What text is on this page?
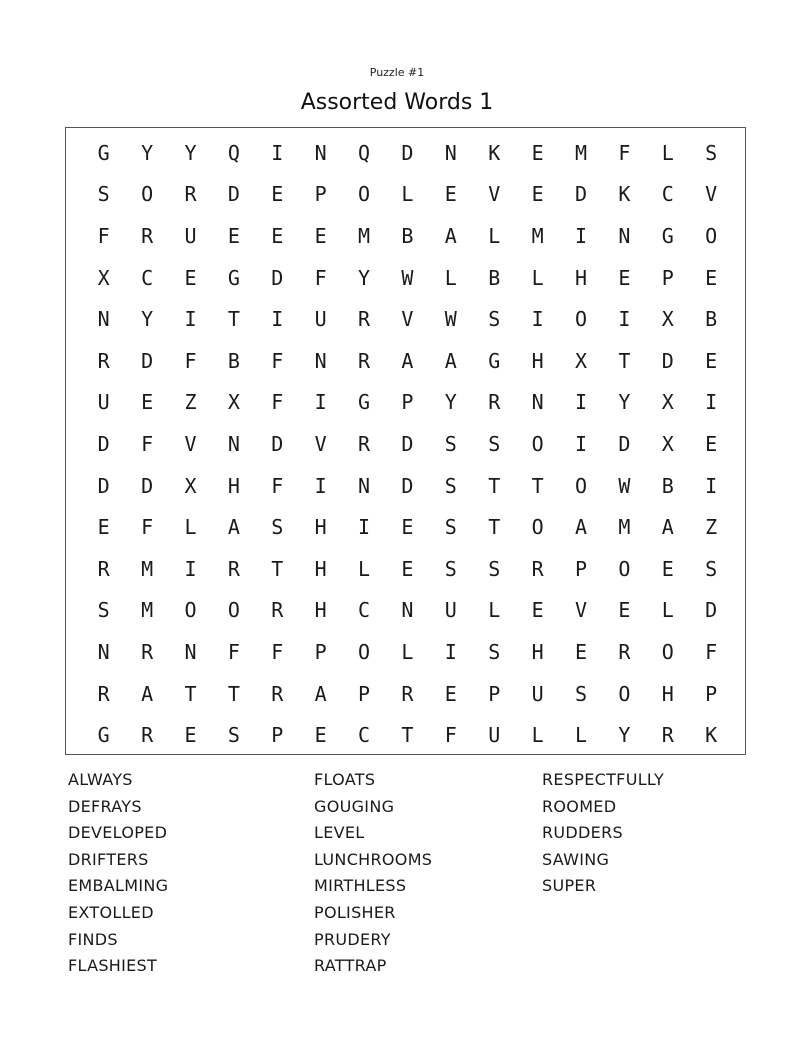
Puzzle #1
Assorted Words 1
G	Y	Y	Q	I	N	Q	D	N	K	E	M	F	L	S
S	O	R	D	E	P	O	L	E	V	E	D	K	C	V
F	R	U	E	E	E	M	B	A	L	M	I	N	G	O
X	C	E	G	D	F	Y	W	L	B	L	H	E	P	E
N	Y	I	T	I	U	R	V	W	S	I	O	I	X	B
R	D	F	B	F	N	R	A	A	G	H	X	T	D	E
U	E	Z	X	F	I	G	P	Y	R	N	I	Y	X	I
D	F	V	N	D	V	R	D	S	S	O	I	D	X	E
D	D	X	H	F	I	N	D	S	T	T	O	W	B	I
E	F	L	A	S	H	I	E	S	T	O	A	M	A	Z
R	M	I	R	T	H	L	E	S	S	R	P	O	E	S
S	M	O	O	R	H	C	N	U	L	E	V	E	L	D
N	R	N	F	F	P	O	L	I	S	H	E	R	O	F
R	A	T	T	R	A	P	R	E	P	U	S	O	H	P
G	R	E	S	P	E	C	T	F	U	L	L	Y	R	K
ALWAYS
DEFRAYS
DEVELOPED
DRIFTERS
EMBALMING
EXTOLLED
FINDS
FLASHIEST
FLOATS
GOUGING
LEVEL
LUNCHROOMS
MIRTHLESS
POLISHER
PRUDERY
RATTRAP
RESPECTFULLY
ROOMED
RUDDERS
SAWING
SUPER
